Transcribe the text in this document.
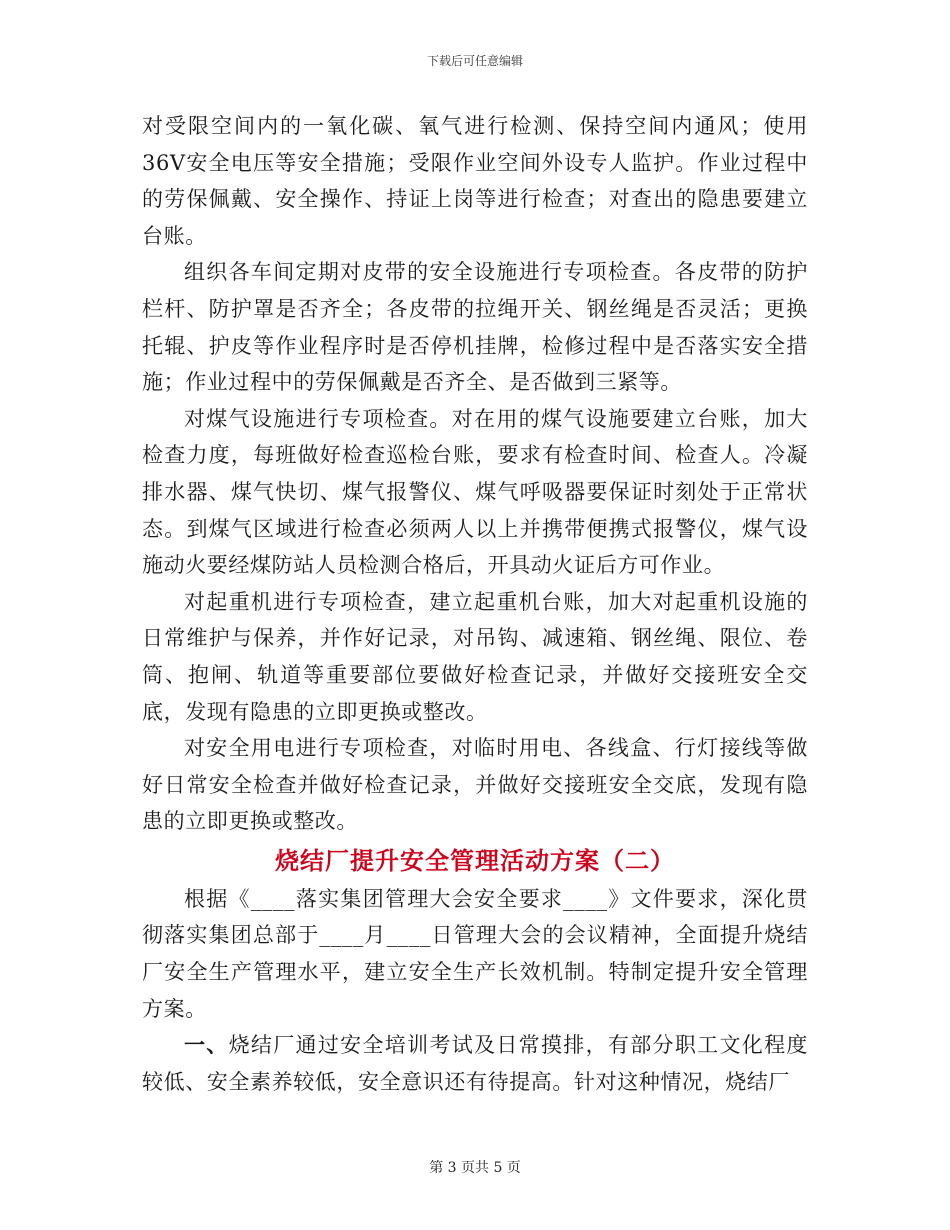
下载后可任意编辑

对受限空间内的一氧化碳、氧气进行检测、保持空间内通风；使用36V安全电压等安全措施；受限作业空间外设专人监护。作业过程中的劳保佩戴、安全操作、持证上岗等进行检查；对查出的隐患要建立台账。

组织各车间定期对皮带的安全设施进行专项检查。各皮带的防护栏杆、防护罩是否齐全；各皮带的拉绳开关、钢丝绳是否灵活；更换托辊、护皮等作业程序时是否停机挂牌，检修过程中是否落实安全措施；作业过程中的劳保佩戴是否齐全、是否做到三紧等。

对煤气设施进行专项检查。对在用的煤气设施要建立台账，加大检查力度，每班做好检查巡检台账，要求有检查时间、检查人。冷凝排水器、煤气快切、煤气报警仪、煤气呼吸器要保证时刻处于正常状态。到煤气区域进行检查必须两人以上并携带便携式报警仪，煤气设施动火要经煤防站人员检测合格后，开具动火证后方可作业。

对起重机进行专项检查，建立起重机台账，加大对起重机设施的日常维护与保养，并作好记录，对吊钩、减速箱、钢丝绳、限位、卷筒、抱闸、轨道等重要部位要做好检查记录，并做好交接班安全交底，发现有隐患的立即更换或整改。

对安全用电进行专项检查，对临时用电、各线盒、行灯接线等做好日常安全检查并做好检查记录，并做好交接班安全交底，发现有隐患的立即更换或整改。

烧结厂提升安全管理活动方案（二）

根据《____落实集团管理大会安全要求____》文件要求，深化贯彻落实集团总部于____月____日管理大会的会议精神，全面提升烧结厂安全生产管理水平，建立安全生产长效机制。特制定提升安全管理方案。

一、烧结厂通过安全培训考试及日常摸排，有部分职工文化程度较低、安全素养较低，安全意识还有待提高。针对这种情况，烧结厂

第 3 页共 5 页
